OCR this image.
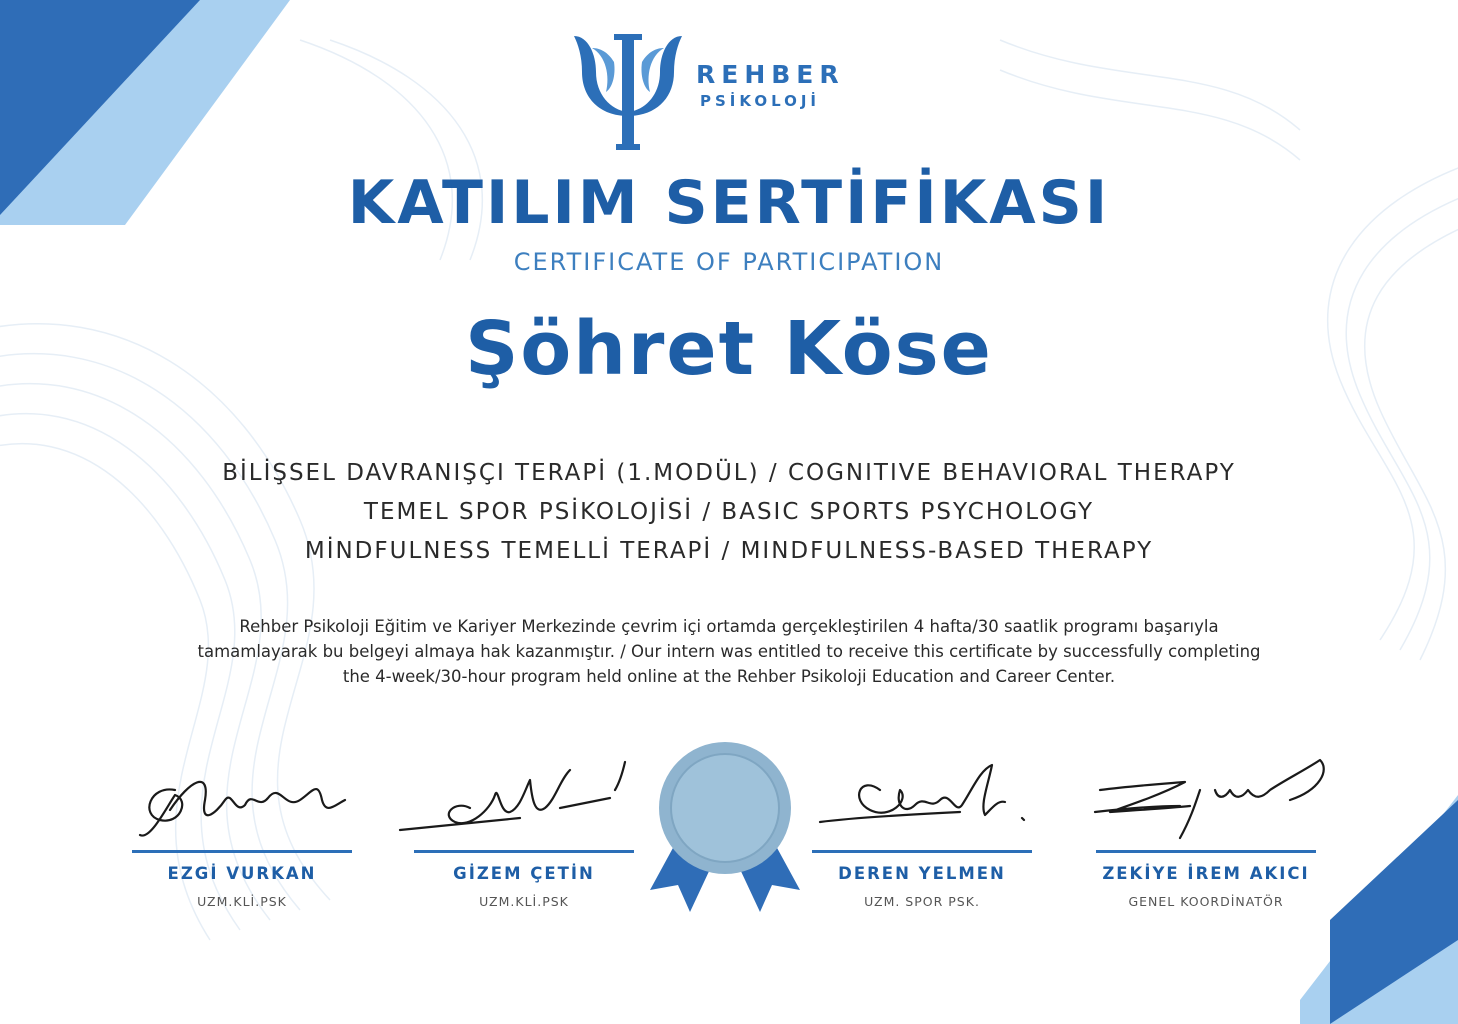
REHBER
PSİKOLOJİ
KATILIM SERTİFİKASI
CERTIFICATE OF PARTICIPATION
Şöhret Köse
BİLİŞSEL DAVRANIŞÇI TERAPİ (1.MODÜL) / COGNITIVE BEHAVIORAL THERAPY
TEMEL SPOR PSİKOLOJİSİ / BASIC SPORTS PSYCHOLOGY
MİNDFULNESS TEMELLİ TERAPİ / MINDFULNESS-BASED THERAPY
Rehber Psikoloji Eğitim ve Kariyer Merkezinde çevrim içi ortamda gerçekleştirilen 4 hafta/30 saatlik programı başarıyla
tamamlayarak bu belgeyi almaya hak kazanmıştır. / Our intern was entitled to receive this certificate by successfully completing
the 4-week/30-hour program held online at the Rehber Psikoloji Education and Career Center.
EZGİ VURKAN
UZM.KLİ.PSK
GİZEM ÇETİN
UZM.KLİ.PSK
DEREN YELMEN
UZM. SPOR PSK.
ZEKİYE İREM AKICI
GENEL KOORDİNATÖR
